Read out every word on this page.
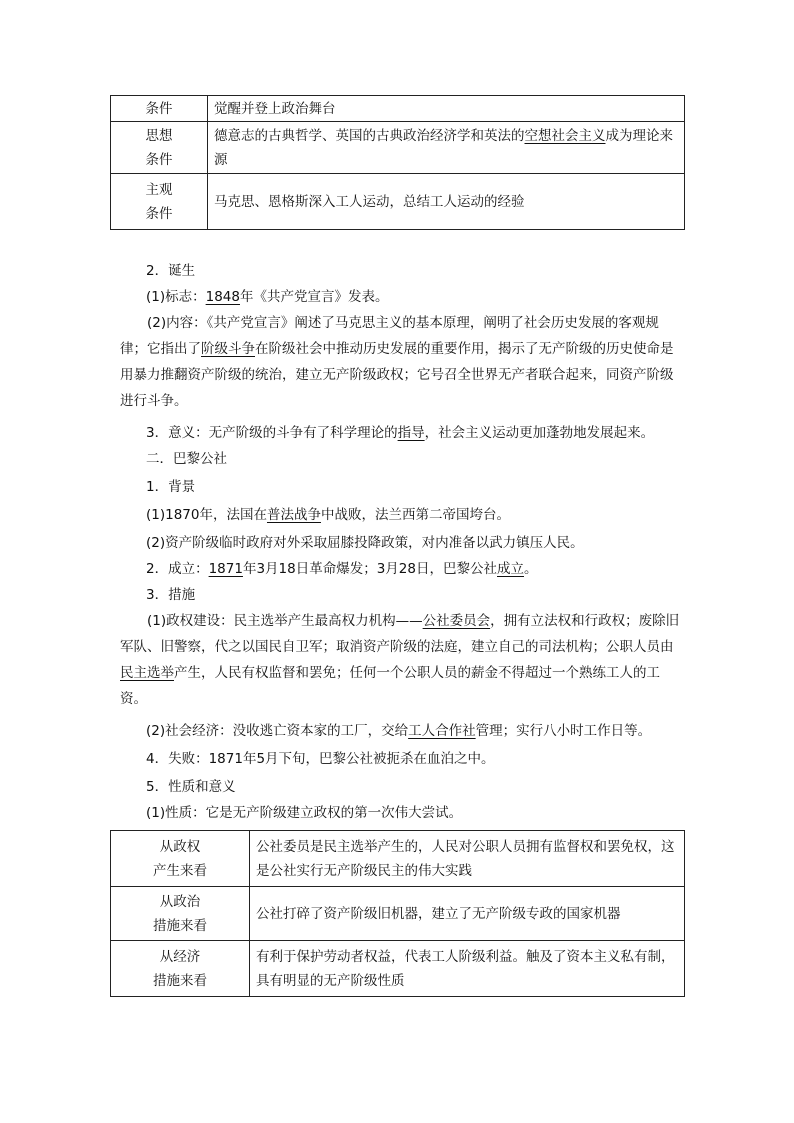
条件	觉醒并登上政治舞台
思想
条件	德意志的古典哲学、英国的古典政治经济学和英法的空想社会主义成为理论来源
主观
条件	马克思、恩格斯深入工人运动，总结工人运动的经验
2．诞生
(1)标志：1848年《共产党宣言》发表。
(2)内容：《共产党宣言》阐述了马克思主义的基本原理，阐明了社会历史发展的客观规律；它指出了阶级斗争在阶级社会中推动历史发展的重要作用，揭示了无产阶级的历史使命是用暴力推翻资产阶级的统治，建立无产阶级政权；它号召全世界无产者联合起来，同资产阶级进行斗争。
3．意义：无产阶级的斗争有了科学理论的指导，社会主义运动更加蓬勃地发展起来。
二．巴黎公社
1．背景
(1)1870年，法国在普法战争中战败，法兰西第二帝国垮台。
(2)资产阶级临时政府对外采取屈膝投降政策，对内准备以武力镇压人民。
2．成立：1871年3月18日革命爆发；3月28日，巴黎公社成立。
3．措施
(1)政权建设：民主选举产生最高权力机构——公社委员会，拥有立法权和行政权；废除旧军队、旧警察，代之以国民自卫军；取消资产阶级的法庭，建立自己的司法机构；公职人员由民主选举产生，人民有权监督和罢免；任何一个公职人员的薪金不得超过一个熟练工人的工资。
(2)社会经济：没收逃亡资本家的工厂，交给工人合作社管理；实行八小时工作日等。
4．失败：1871年5月下旬，巴黎公社被扼杀在血泊之中。
5．性质和意义
(1)性质：它是无产阶级建立政权的第一次伟大尝试。
从政权
产生来看	公社委员是民主选举产生的，人民对公职人员拥有监督权和罢免权，这是公社实行无产阶级民主的伟大实践
从政治
措施来看	公社打碎了资产阶级旧机器，建立了无产阶级专政的国家机器
从经济
措施来看	有利于保护劳动者权益，代表工人阶级利益。触及了资本主义私有制，具有明显的无产阶级性质
